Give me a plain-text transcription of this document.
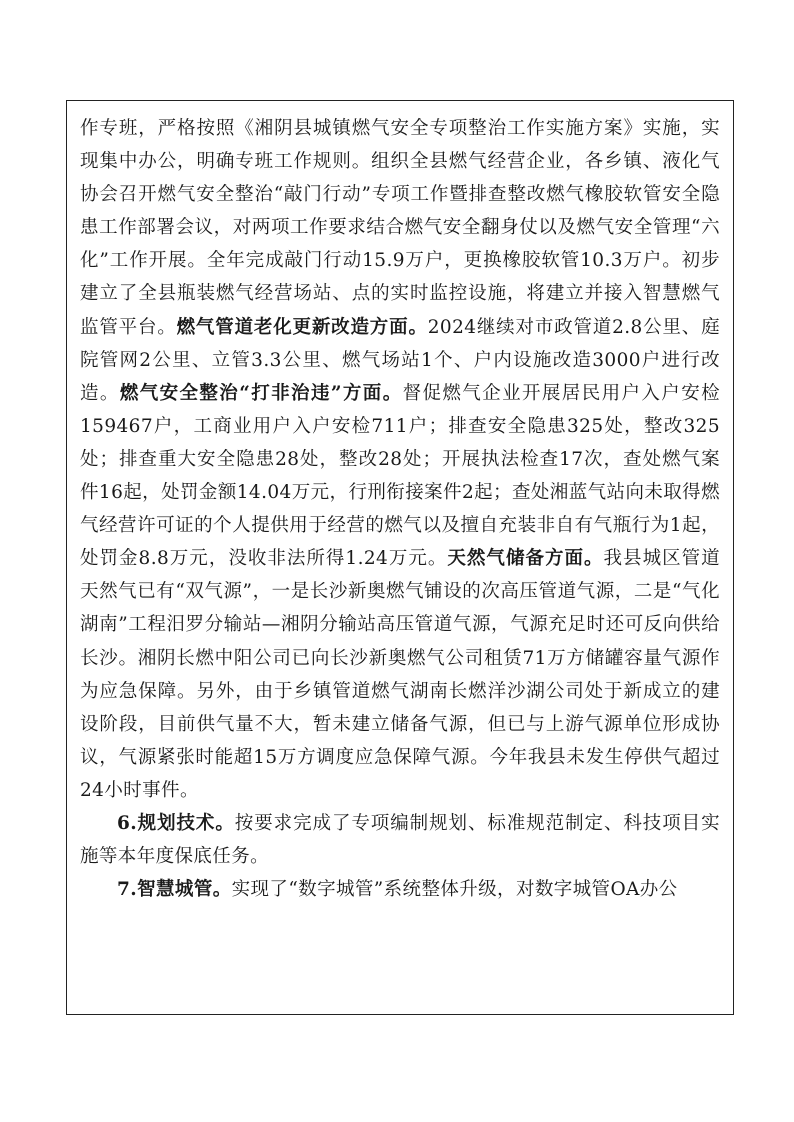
作专班，严格按照《湘阴县城镇燃气安全专项整治工作实施方案》实施，实现集中办公，明确专班工作规则。组织全县燃气经营企业，各乡镇、液化气协会召开燃气安全整治“敲门行动”专项工作暨排查整改燃气橡胶软管安全隐患工作部署会议，对两项工作要求结合燃气安全翻身仗以及燃气安全管理“六化”工作开展。全年完成敲门行动15.9万户，更换橡胶软管10.3万户。初步建立了全县瓶装燃气经营场站、点的实时监控设施，将建立并接入智慧燃气监管平台。燃气管道老化更新改造方面。2024继续对市政管道2.8公里、庭院管网2公里、立管3.3公里、燃气场站1个、户内设施改造3000户进行改造。燃气安全整治“打非治违”方面。督促燃气企业开展居民用户入户安检159467户，工商业用户入户安检711户；排查安全隐患325处，整改325处；排查重大安全隐患28处，整改28处；开展执法检查17次，查处燃气案件16起，处罚金额14.04万元，行刑衔接案件2起；查处湘蓝气站向未取得燃气经营许可证的个人提供用于经营的燃气以及擅自充装非自有气瓶行为1起，处罚金8.8万元，没收非法所得1.24万元。天然气储备方面。我县城区管道天然气已有“双气源”，一是长沙新奥燃气铺设的次高压管道气源，二是“气化湖南”工程汨罗分输站—湘阴分输站高压管道气源，气源充足时还可反向供给长沙。湘阴长燃中阳公司已向长沙新奥燃气公司租赁71万方储罐容量气源作为应急保障。另外，由于乡镇管道燃气湖南长燃洋沙湖公司处于新成立的建设阶段，目前供气量不大，暂未建立储备气源，但已与上游气源单位形成协议，气源紧张时能超15万方调度应急保障气源。今年我县未发生停供气超过24小时事件。

6.规划技术。按要求完成了专项编制规划、标准规范制定、科技项目实施等本年度保底任务。

7.智慧城管。实现了“数字城管”系统整体升级，对数字城管OA办公
